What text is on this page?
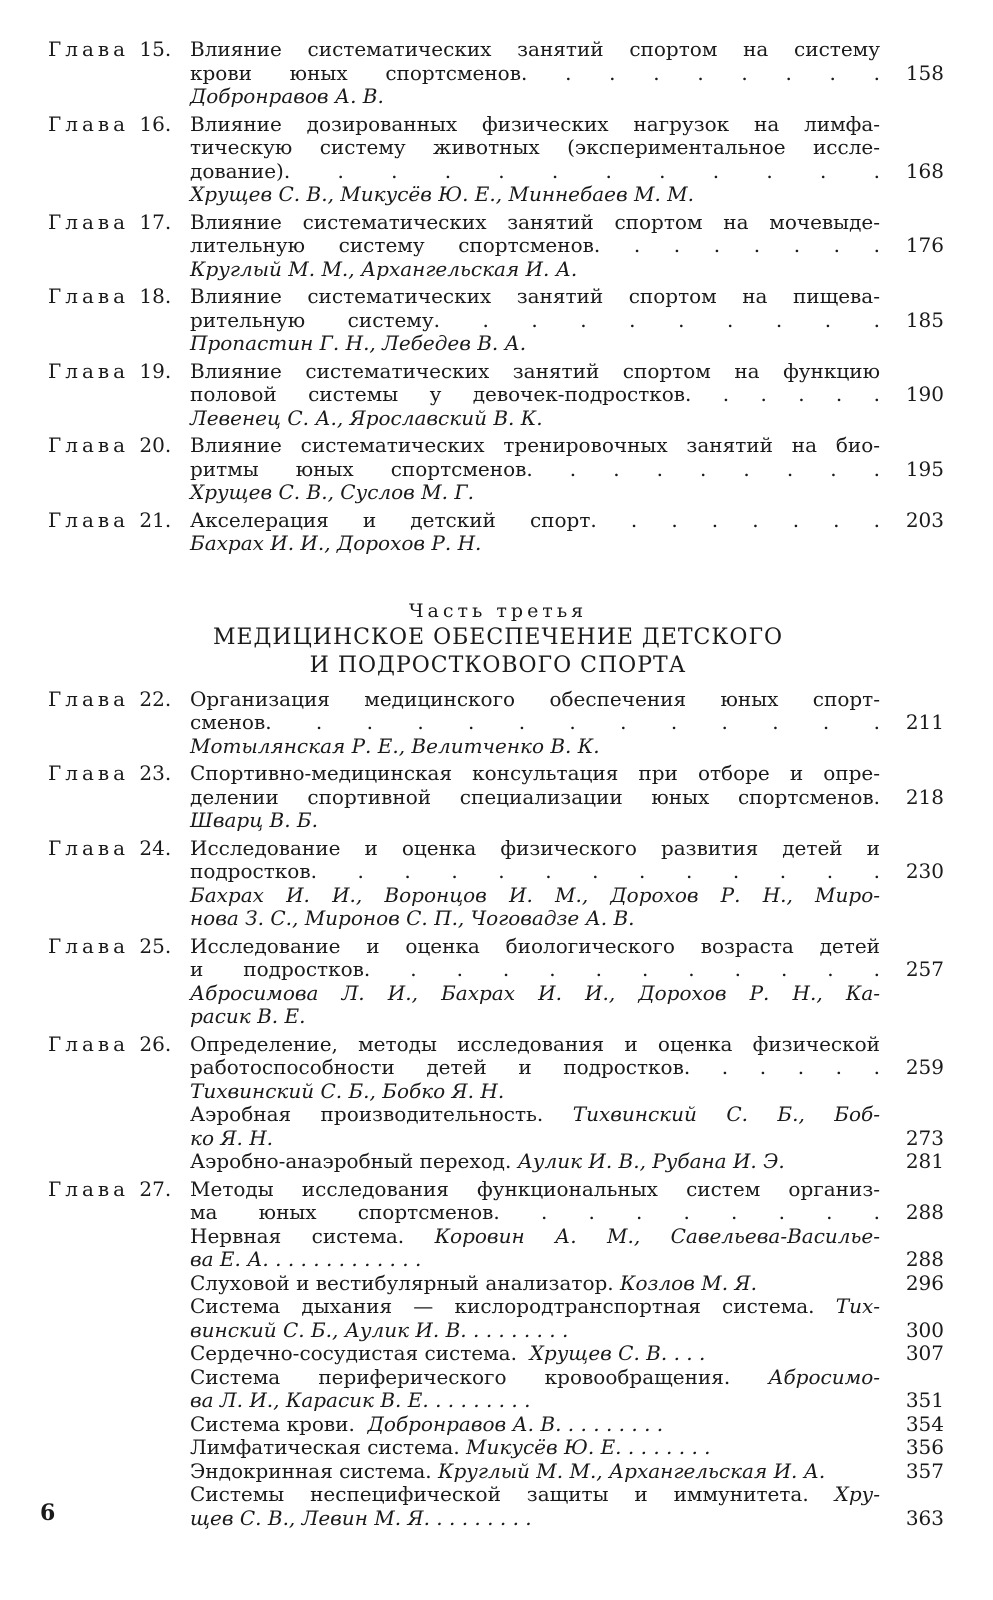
Глава 15. Влияние систематических занятий спортом на систему
крови юных спортсменов. . . . . . . . .	158
Добронравов А. В.
Глава 16. Влияние дозированных физических нагрузок на лимфа-
тическую систему животных (экспериментальное иссле-
дование). . . . . . . . . . . .	168
Хрущев С. В., Микусёв Ю. Е., Миннебаев М. М.
Глава 17. Влияние систематических занятий спортом на мочевыде-
лительную систему спортсменов. . . . . . . .	176
Круглый М. М., Архангельская И. А.
Глава 18. Влияние систематических занятий спортом на пищева-
рительную систему. . . . . . . . . .	185
Пропастин Г. Н., Лебедев В. А.
Глава 19. Влияние систематических занятий спортом на функцию
половой системы у девочек-подростков. . . . . .	190
Левенец С. А., Ярославский В. К.
Глава 20. Влияние систематических тренировочных занятий на био-
ритмы юных спортсменов. . . . . . . . .	195
Хрущев С. В., Суслов М. Г.
Глава 21. Акселерация и детский спорт. . . . . . . .	203
Бахрах И. И., Дорохов Р. Н.
Часть третья
МЕДИЦИНСКОЕ ОБЕСПЕЧЕНИЕ ДЕТСКОГО
И ПОДРОСТКОВОГО СПОРТА
Глава 22. Организация медицинского обеспечения юных спорт-
сменов. . . . . . . . . . . . .	211
Мотылянская Р. Е., Велитченко В. К.
Глава 23. Спортивно-медицинская консультация при отборе и опре-
делении спортивной специализации юных спортсменов.	218
Шварц В. Б.
Глава 24. Исследование и оценка физического развития детей и
подростков. . . . . . . . . . . . .	230
Бахрах И. И., Воронцов И. М., Дорохов Р. Н., Миро-
нова З. С., Миронов С. П., Чоговадзе А. В.
Глава 25. Исследование и оценка биологического возраста детей
и подростков. . . . . . . . . . . .	257
Абросимова Л. И., Бахрах И. И., Дорохов Р. Н., Ка-
расик В. Е.
Глава 26. Определение, методы исследования и оценка физической
работоспособности детей и подростков. . . . . .	259
Тихвинский С. Б., Бобко Я. Н.
Аэробная производительность. Тихвинский С. Б., Боб-
ко Я. Н.	273
Аэробно-анаэробный переход.
Аулик И. В., Рубана И. Э.	281
Глава 27. Методы исследования функциональных систем организ-
ма юных спортсменов. . . . . . . . .	288
Нервная система. Коровин А. М., Савельева-Василье-
ва Е. А. . . . . . . . . . . . .	288
Слуховой и вестибулярный анализатор.
Козлов М. Я.	296
Система дыхания — кислородтранспортная система. Тих-
винский С. Б., Аулик И. В. . . . . . . . .	300
Сердечно-сосудистая система.
Хрущев С. В. . . .	307
Система периферического кровообращения. Абросимо-
ва Л. И., Карасик В. Е. . . . . . . . .	351
Система крови.
Добронравов А. В. . . . . . . . .	354
Лимфатическая система.
Микусёв Ю. Е. . . . . . . .	356
Эндокринная система.
Круглый М. М., Архангельская И. А.	357
Системы неспецифической защиты и иммунитета. Хру-
щев С. В., Левин М. Я. . . . . . . . .	363
6
